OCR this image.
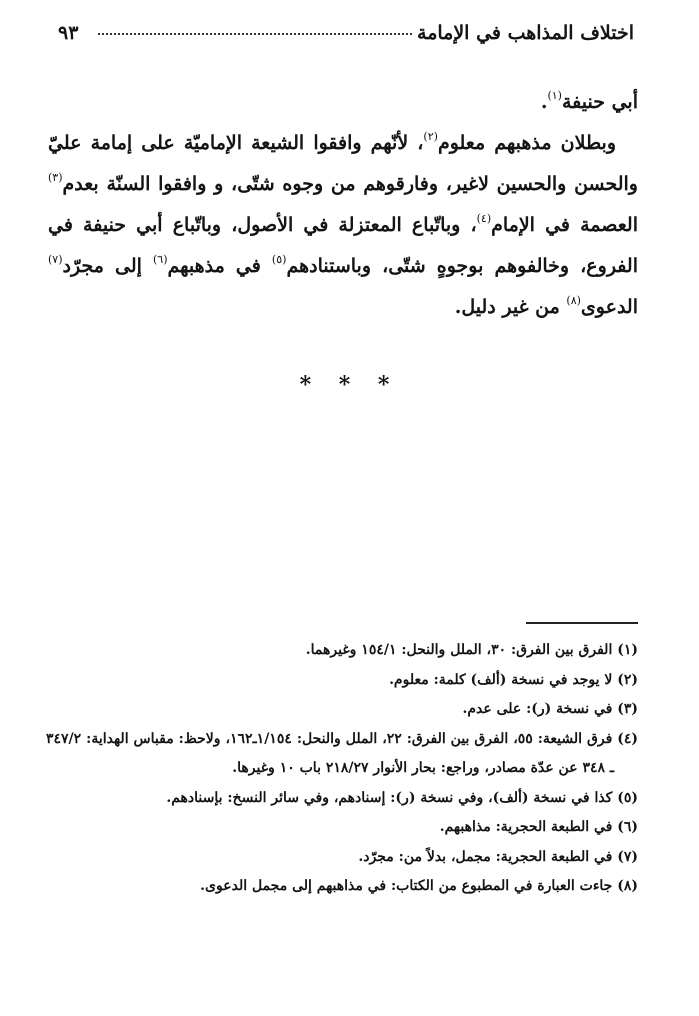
اختلاف المذاهب في الإمامة
٩٣

أبي حنيفة$^{(١)}$.

وبطلان مذهبهم معلوم$^{(٢)}$، لأنّهم وافقوا الشيعة الإماميّة على إمامة عليّ والحسن والحسين لاغير، وفارقوهم من وجوه شتّى، و وافقوا السنّة بعدم$^{(٣)}$ العصمة في الإمام$^{(٤)}$، وباتّباع المعتزلة في الأصول، وباتّباع أبي حنيفة في الفروع، وخالفوهم بوجوهٍ شتّى، وباستنادهم$^{(٥)}$ في مذهبهم$^{(٦)}$ إلى مجرّد$^{(٧)}$ الدعوى$^{(٨)}$ من غير دليل.

* * *
(١) الفرق بين الفرق: ٣٠، الملل والنحل: ١٥٤/١ وغيرهما.
(٢) لا يوجد في نسخة (ألف) كلمة: معلوم.
(٣) في نسخة (ر): على عدم.
(٤) فرق الشيعة: ٥٥، الفرق بين الفرق: ٢٢، الملل والنحل: ١/١٥٤ـ١٦٢، ولاحظ: مقباس الهداية: ٣٤٧/٢ ـ ٣٤٨ عن عدّة مصادر، وراجع: بحار الأنوار ٢١٨/٢٧ باب ١٠ وغيرها.
(٥) كذا في نسخة (ألف)، وفي نسخة (ر): إسنادهم، وفي سائر النسخ: بإسنادهم.
(٦) في الطبعة الحجرية: مذاهبهم.
(٧) في الطبعة الحجرية: مجمل، بدلاً من: مجرّد.
(٨) جاءت العبارة في المطبوع من الكتاب: في مذاهبهم إلى مجمل الدعوى.
